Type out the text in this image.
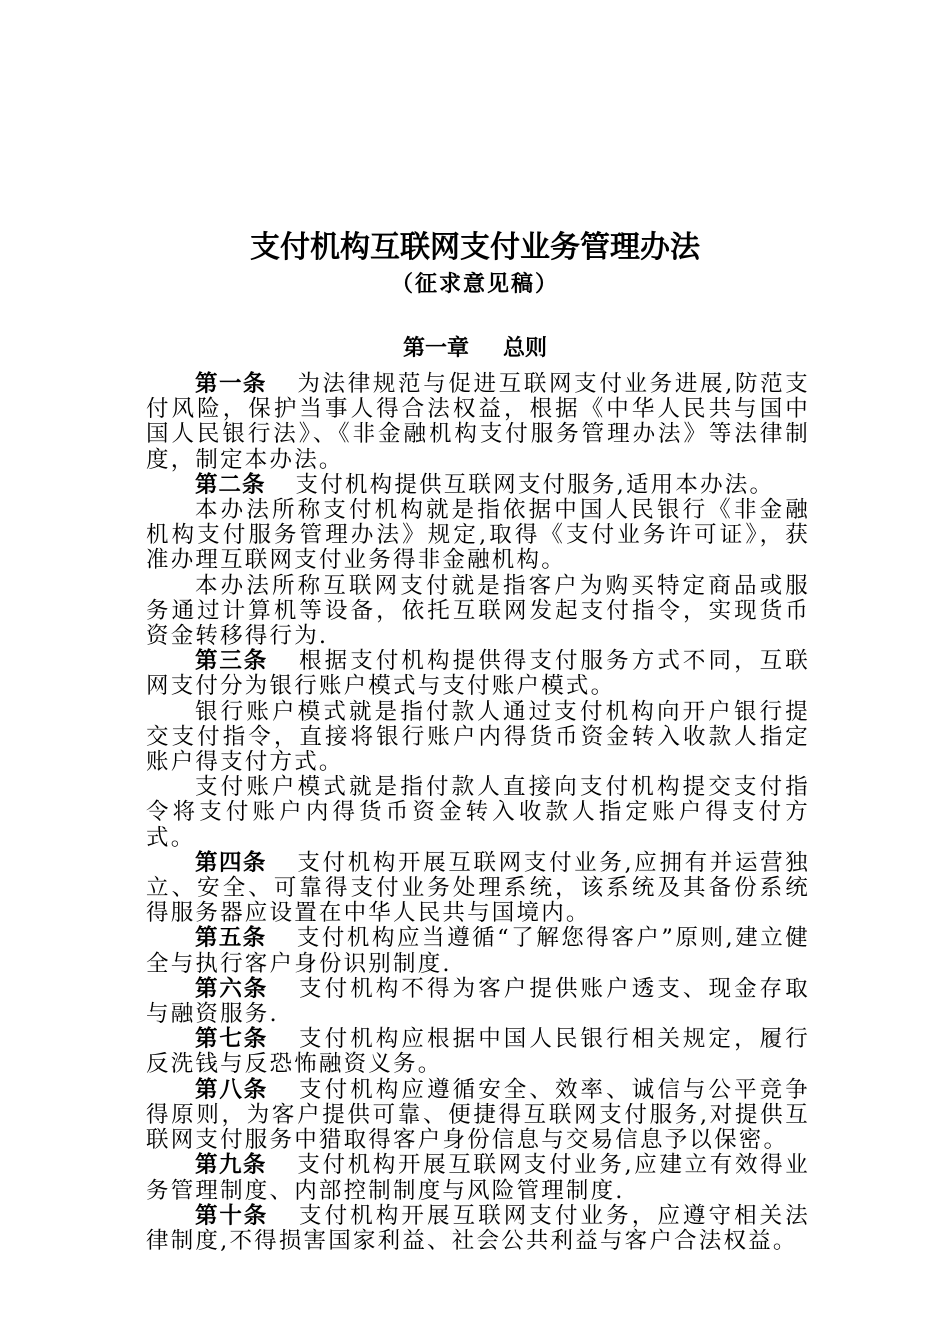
支付机构互联网支付业务管理办法
（征求意见稿）
第一章 总则

第一条 为法律规范与促进互联网支付业务进展,防范支付风险，保护当事人得合法权益，根据《中华人民共与国中国人民银行法》、《非金融机构支付服务管理办法》等法律制度，制定本办法。

第二条 支付机构提供互联网支付服务,适用本办法。

本办法所称支付机构就是指依据中国人民银行《非金融机构支付服务管理办法》规定,取得《支付业务许可证》，获准办理互联网支付业务得非金融机构。

本办法所称互联网支付就是指客户为购买特定商品或服务通过计算机等设备，依托互联网发起支付指令，实现货币资金转移得行为.

第三条 根据支付机构提供得支付服务方式不同，互联网支付分为银行账户模式与支付账户模式。

银行账户模式就是指付款人通过支付机构向开户银行提交支付指令，直接将银行账户内得货币资金转入收款人指定账户得支付方式。

支付账户模式就是指付款人直接向支付机构提交支付指令将支付账户内得货币资金转入收款人指定账户得支付方式。

第四条 支付机构开展互联网支付业务,应拥有并运营独立、安全、可靠得支付业务处理系统，该系统及其备份系统得服务器应设置在中华人民共与国境内。

第五条 支付机构应当遵循“了解您得客户”原则,建立健全与执行客户身份识别制度.

第六条 支付机构不得为客户提供账户透支、现金存取与融资服务.

第七条 支付机构应根据中国人民银行相关规定，履行反洗钱与反恐怖融资义务。

第八条 支付机构应遵循安全、效率、诚信与公平竞争得原则，为客户提供可靠、便捷得互联网支付服务,对提供互联网支付服务中猎取得客户身份信息与交易信息予以保密。

第九条 支付机构开展互联网支付业务,应建立有效得业务管理制度、内部控制制度与风险管理制度.

第十条 支付机构开展互联网支付业务，应遵守相关法律制度,不得损害国家利益、社会公共利益与客户合法权益。
